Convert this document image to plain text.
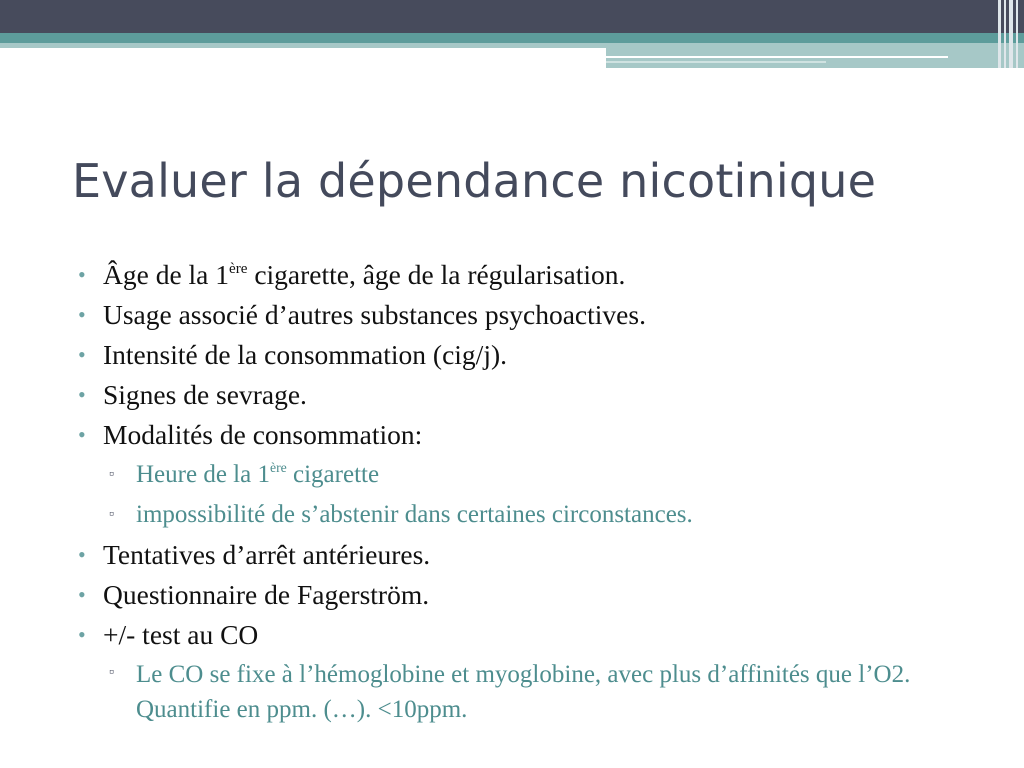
Evaluer la dépendance nicotinique
• Âge de la 1ère cigarette, âge de la régularisation.
• Usage associé d’autres substances psychoactives.
• Intensité de la consommation (cig/j).
• Signes de sevrage.
• Modalités de consommation:
▫ Heure de la 1ère cigarette
▫ impossibilité de s’abstenir dans certaines circonstances.
• Tentatives d’arrêt antérieures.
• Questionnaire de Fagerström.
• +/- test au CO
▫ Le CO se fixe à l’hémoglobine et myoglobine, avec plus d’affinités que l’O2. Quantifie en ppm. (…). <10ppm.
